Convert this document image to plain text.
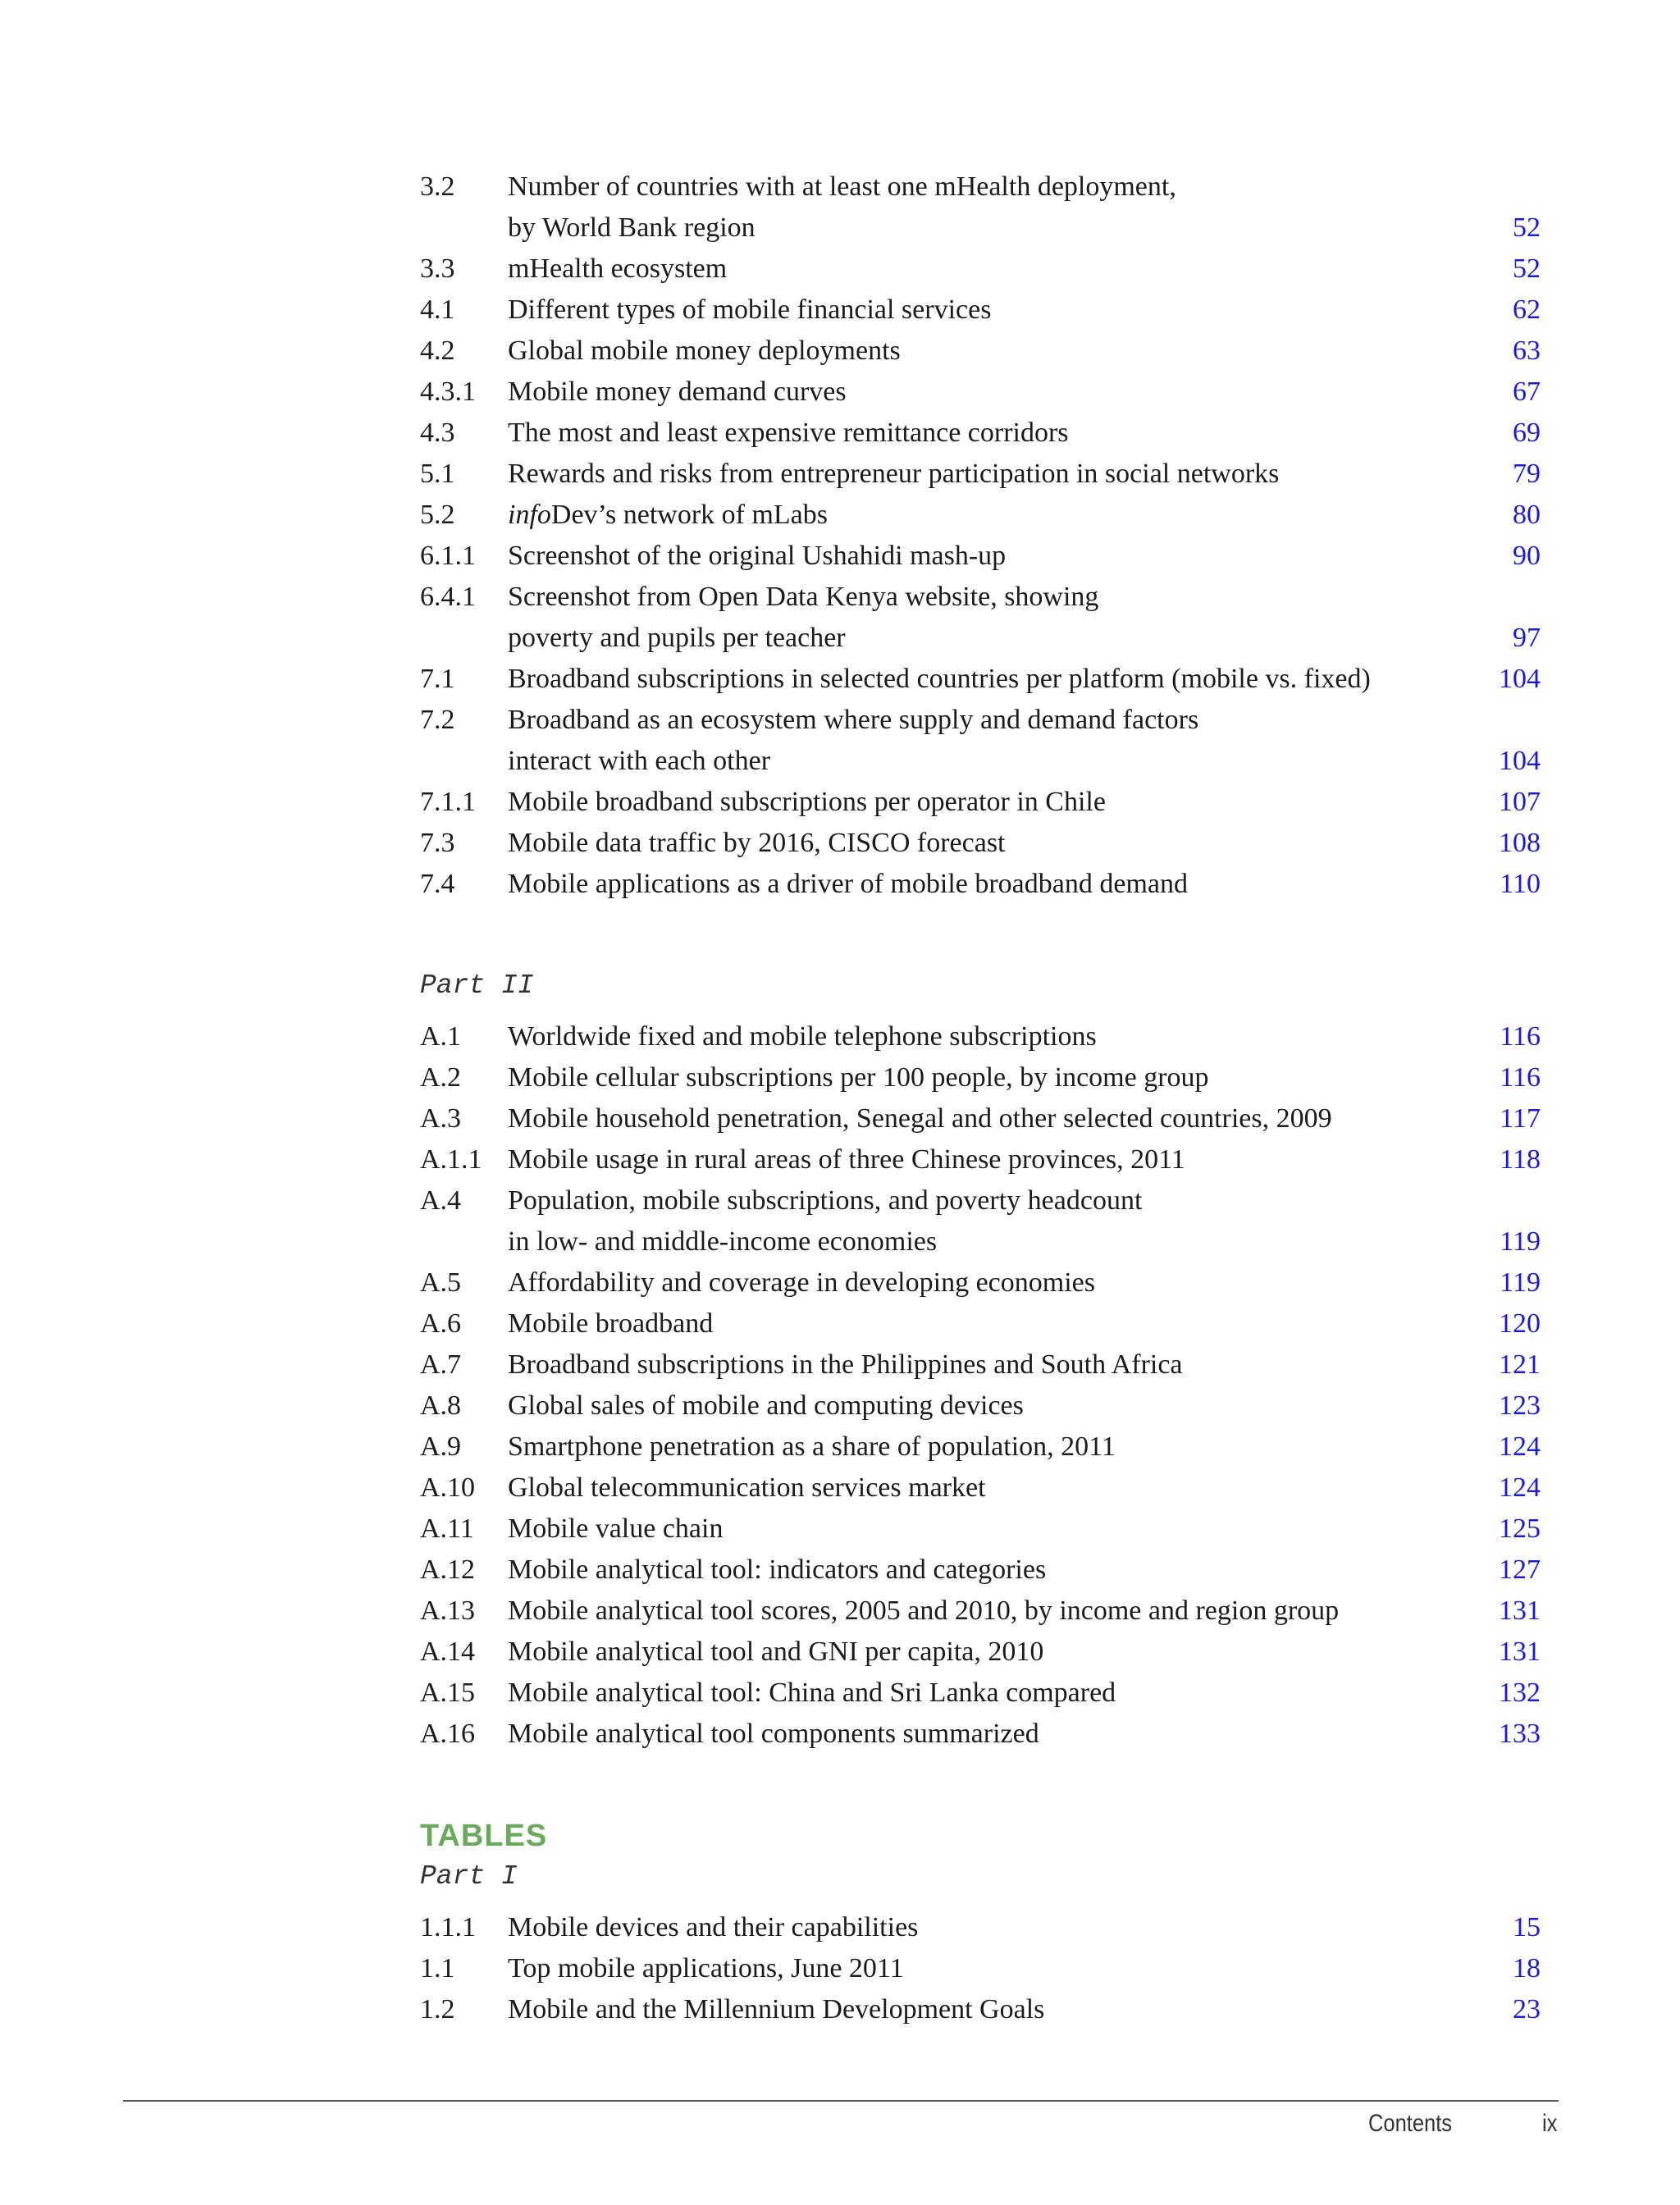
3.2	Number of countries with at least one mHealth deployment,
by World Bank region	52
3.3	mHealth ecosystem	52
4.1	Different types of mobile financial services	62
4.2	Global mobile money deployments	63
4.3.1	Mobile money demand curves	67
4.3	The most and least expensive remittance corridors	69
5.1	Rewards and risks from entrepreneur participation in social networks	79
5.2	infoDev’s network of mLabs	80
6.1.1	Screenshot of the original Ushahidi mash-up	90
6.4.1	Screenshot from Open Data Kenya website, showing
poverty and pupils per teacher	97
7.1	Broadband subscriptions in selected countries per platform (mobile vs. fixed)	104
7.2	Broadband as an ecosystem where supply and demand factors
interact with each other	104
7.1.1	Mobile broadband subscriptions per operator in Chile	107
7.3	Mobile data traffic by 2016, CISCO forecast	108
7.4	Mobile applications as a driver of mobile broadband demand	110
Part II
A.1	Worldwide fixed and mobile telephone subscriptions	116
A.2	Mobile cellular subscriptions per 100 people, by income group	116
A.3	Mobile household penetration, Senegal and other selected countries, 2009	117
A.1.1 Mobile usage in rural areas of three Chinese provinces, 2011	118
A.4	Population, mobile subscriptions, and poverty headcount
in low- and middle-income economies	119
A.5	Affordability and coverage in developing economies	119
A.6	Mobile broadband	120
A.7	Broadband subscriptions in the Philippines and South Africa	121
A.8	Global sales of mobile and computing devices	123
A.9	Smartphone penetration as a share of population, 2011	124
A.10	Global telecommunication services market	124
A.11	Mobile value chain	125
A.12	Mobile analytical tool: indicators and categories	127
A.13	Mobile analytical tool scores, 2005 and 2010, by income and region group	131
A.14	Mobile analytical tool and GNI per capita, 2010	131
A.15	Mobile analytical tool: China and Sri Lanka compared	132
A.16	Mobile analytical tool components summarized	133
TABLES
Part I
1.1.1	Mobile devices and their capabilities	15
1.1	Top mobile applications, June 2011	18
1.2	Mobile and the Millennium Development Goals	23
Contents	ix
